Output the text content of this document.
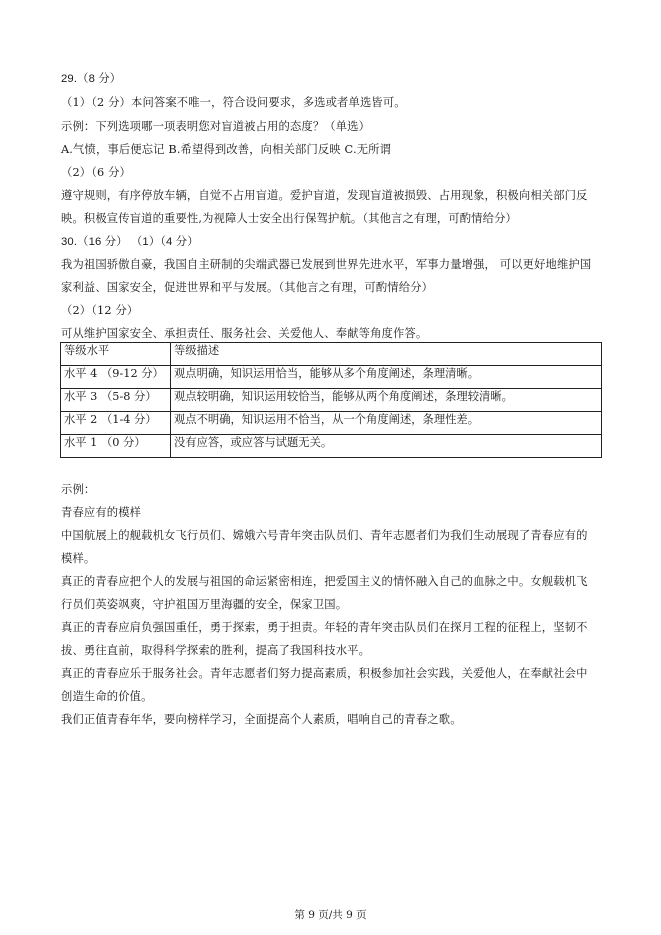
29.（8 分）
（1）（2 分）本问答案不唯一，符合设问要求，多选或者单选皆可。
示例：下列选项哪一项表明您对盲道被占用的态度？（单选）
A.气愤，事后便忘记 B.希望得到改善，向相关部门反映 C.无所谓
（2）（6 分）
遵守规则，有序停放车辆，自觉不占用盲道。爱护盲道，发现盲道被损毁、占用现象，积极向相关部门反
映。积极宣传盲道的重要性,为视障人士安全出行保驾护航。（其他言之有理，可酌情给分）
30.（16 分） （1）（4 分）
我为祖国骄傲自豪，我国自主研制的尖端武器已发展到世界先进水平，军事力量增强， 可以更好地维护国
家利益、国家安全，促进世界和平与发展。（其他言之有理，可酌情给分）
（2）（12 分）
可从维护国家安全、承担责任、服务社会、关爱他人、奉献等角度作答。
等级水平	等级描述
水平 4 （9-12 分）	观点明确，知识运用恰当，能够从多个角度阐述，条理清晰。
水平 3 （5-8 分）	观点较明确，知识运用较恰当，能够从两个角度阐述，条理较清晰。
水平 2 （1-4 分）	观点不明确，知识运用不恰当，从一个角度阐述，条理性差。
水平 1 （0 分）	没有应答，或应答与试题无关。
示例：
青春应有的模样
中国航展上的舰载机女飞行员们、嫦娥六号青年突击队员们、青年志愿者们为我们生动展现了青春应有的
模样。
真正的青春应把个人的发展与祖国的命运紧密相连，把爱国主义的情怀融入自己的血脉之中。女舰载机飞
行员们英姿飒爽，守护祖国万里海疆的安全，保家卫国。
真正的青春应肩负强国重任，勇于探索，勇于担责。年轻的青年突击队员们在探月工程的征程上，坚韧不
拔、勇往直前，取得科学探索的胜利，提高了我国科技水平。
真正的青春应乐于服务社会。青年志愿者们努力提高素质，积极参加社会实践，关爱他人，在奉献社会中
创造生命的价值。
我们正值青春年华，要向榜样学习，全面提高个人素质，唱响自己的青春之歌。
第 9 页/共 9 页
